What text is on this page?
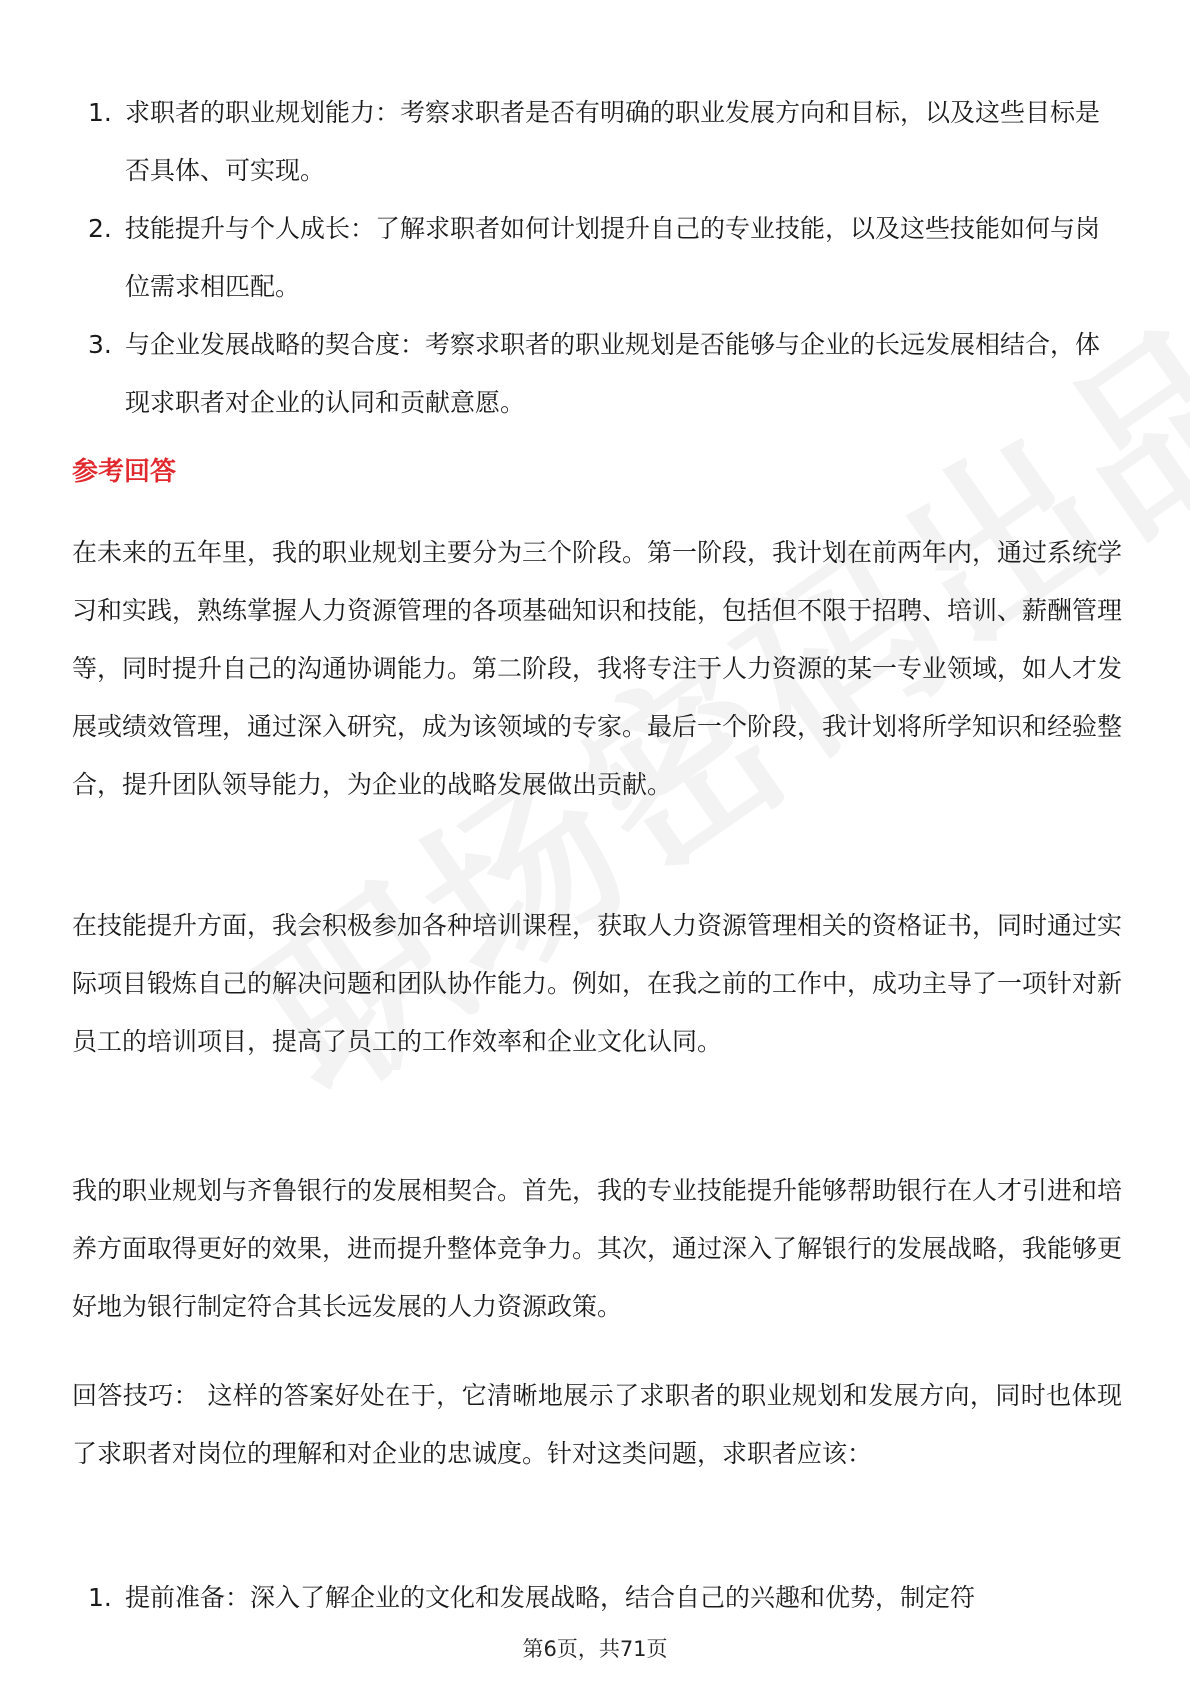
1. 求职者的职业规划能力：考察求职者是否有明确的职业发展方向和目标，以及这些目标是否具体、可实现。
2. 技能提升与个人成长：了解求职者如何计划提升自己的专业技能，以及这些技能如何与岗位需求相匹配。
3. 与企业发展战略的契合度：考察求职者的职业规划是否能够与企业的长远发展相结合，体现求职者对企业的认同和贡献意愿。
参考回答

在未来的五年里，我的职业规划主要分为三个阶段。第一阶段，我计划在前两年内，通过系统学习和实践，熟练掌握人力资源管理的各项基础知识和技能，包括但不限于招聘、培训、薪酬管理等，同时提升自己的沟通协调能力。第二阶段，我将专注于人力资源的某一专业领域，如人才发展或绩效管理，通过深入研究，成为该领域的专家。最后一个阶段，我计划将所学知识和经验整合，提升团队领导能力，为企业的战略发展做出贡献。

在技能提升方面，我会积极参加各种培训课程，获取人力资源管理相关的资格证书，同时通过实际项目锻炼自己的解决问题和团队协作能力。例如，在我之前的工作中，成功主导了一项针对新员工的培训项目，提高了员工的工作效率和企业文化认同。

我的职业规划与齐鲁银行的发展相契合。首先，我的专业技能提升能够帮助银行在人才引进和培养方面取得更好的效果，进而提升整体竞争力。其次，通过深入了解银行的发展战略，我能够更好地为银行制定符合其长远发展的人力资源政策。

回答技巧： 这样的答案好处在于，它清晰地展示了求职者的职业规划和发展方向，同时也体现了求职者对岗位的理解和对企业的忠诚度。针对这类问题，求职者应该：

1. 提前准备：深入了解企业的文化和发展战略，结合自己的兴趣和优势，制定符
第6页，共71页
